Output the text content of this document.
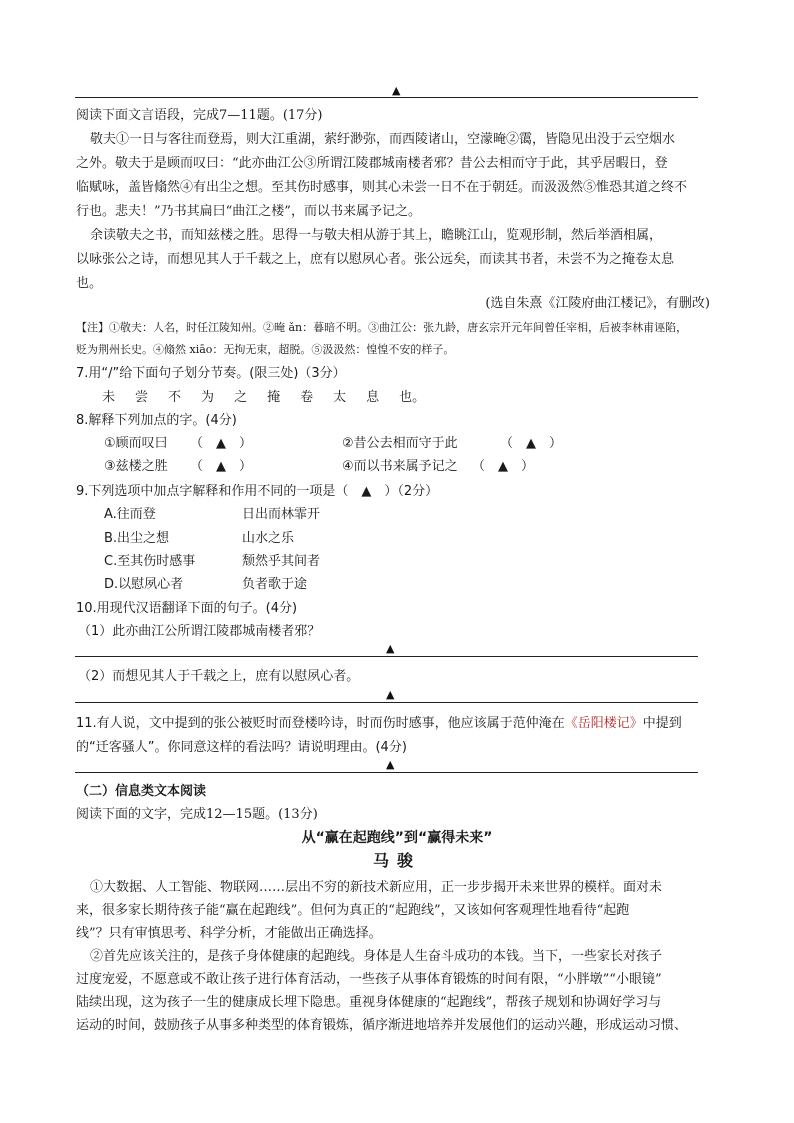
▲
阅读下面文言语段，完成7—11题。(17分)
敬夫①一日与客往而登焉，则大江重湖，萦纡渺弥，而西陵诸山，空濛晻②霭，皆隐见出没于云空烟水
之外。敬夫于是顾而叹曰：“此亦曲江公③所谓江陵郡城南楼者邪？昔公去相而守于此，其乎居暇日，登
临赋咏，盖皆翛然④有出尘之想。至其伤时感事，则其心未尝一日不在于朝廷。而汲汲然⑤惟恐其道之终不
行也。悲夫！”乃书其扁曰“曲江之楼”，而以书来属予记之。
余读敬夫之书，而知兹楼之胜。思得一与敬夫相从游于其上，瞻眺江山，览观形制，然后举酒相属，
以咏张公之诗，而想见其人于千载之上，庶有以慰夙心者。张公远矣，而读其书者，未尝不为之掩卷太息
也。
(选自朱熹《江陵府曲江楼记》，有删改)
【注】①敬夫：人名，时任江陵知州。②晻 ǎn：暮暗不明。③曲江公：张九龄，唐玄宗开元年间曾任宰相，后被李林甫诬陷，
贬为荆州长史。④翛然 xiāo：无拘无束，超脱。⑤汲汲然：惶惶不安的样子。
7.用“/”给下面句子划分节奏。(限三处)（3分）
未 尝 不 为 之 掩 卷 太 息 也。
8.解释下列加点的字。(4分)
①顾而叹曰 （　▲　）	②昔公去相而守于此	（　▲　）
③兹楼之胜 （　▲　）	④而以书来属予记之 （　▲　）
9.下列选项中加点字解释和作用不同的一项是（　▲　）（2分）
A.往而登	日出而林霏开
B.出尘之想	山水之乐
C.至其伤时感事	颓然乎其间者
D.以慰夙心者	负者歌于途
10.用现代汉语翻译下面的句子。(4分)
（1）此亦曲江公所谓江陵郡城南楼者邪？
▲
（2）而想见其人于千载之上，庶有以慰夙心者。
▲
11.有人说，文中提到的张公被贬时而登楼吟诗，时而伤时感事，他应该属于范仲淹在《岳阳楼记》中提到
的“迁客骚人”。你同意这样的看法吗？请说明理由。(4分)
▲
（二）信息类文本阅读
阅读下面的文字，完成12—15题。(13分)
从“赢在起跑线”到“赢得未来”
马骏
①大数据、人工智能、物联网……层出不穷的新技术新应用，正一步步揭开未来世界的模样。面对未
来，很多家长期待孩子能“赢在起跑线”。但何为真正的“起跑线”，又该如何客观理性地看待“起跑
线”？只有审慎思考、科学分析，才能做出正确选择。
②首先应该关注的，是孩子身体健康的起跑线。身体是人生奋斗成功的本钱。当下，一些家长对孩子
过度宠爱，不愿意或不敢让孩子进行体育活动，一些孩子从事体育锻炼的时间有限，“小胖墩”“小眼镜”
陆续出现，这为孩子一生的健康成长埋下隐患。重视身体健康的“起跑线”，帮孩子规划和协调好学习与
运动的时间，鼓励孩子从事多种类型的体育锻炼，循序渐进地培养并发展他们的运动兴趣，形成运动习惯、
